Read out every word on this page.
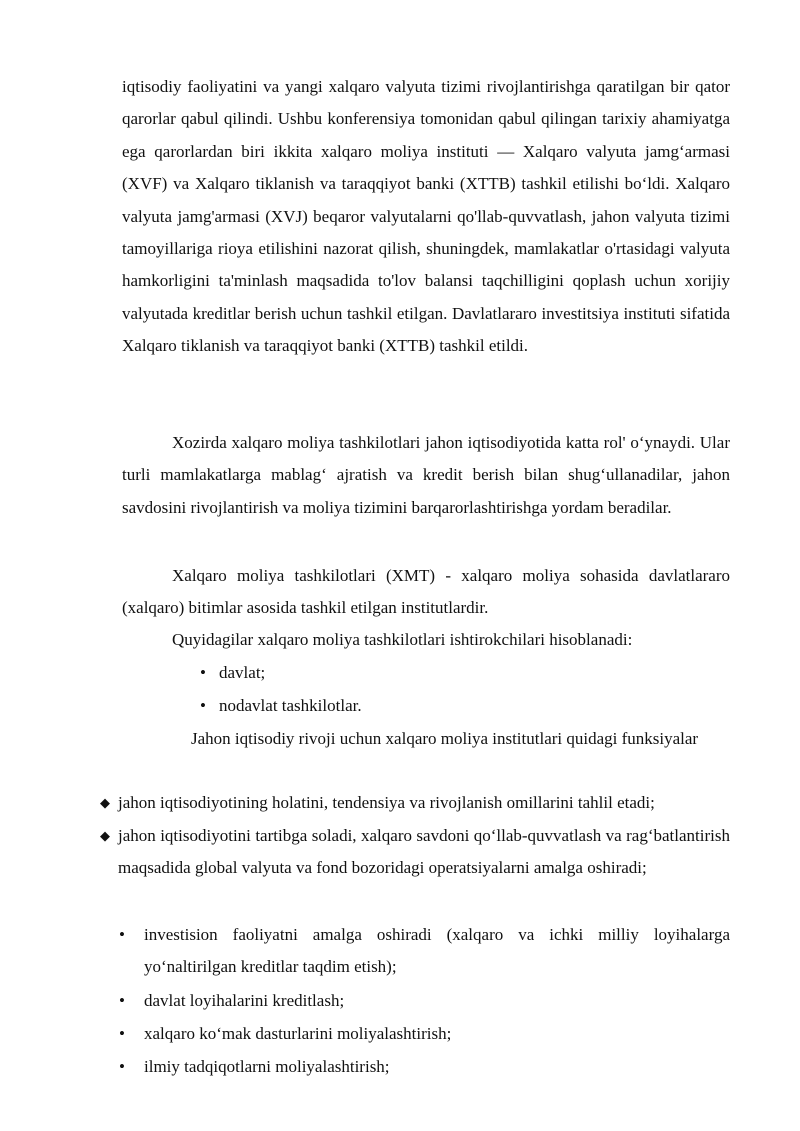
iqtisodiy faoliyatini va yangi xalqaro valyuta tizimi rivojlantirishga qaratilgan bir qator qarorlar qabul qilindi. Ushbu konferensiya tomonidan qabul qilingan tarixiy ahamiyatga ega qarorlardan biri ikkita xalqaro moliya instituti — Xalqaro valyuta jamg‘armasi (XVF) va Xalqaro tiklanish va taraqqiyot banki (XTTB) tashkil etilishi bo‘ldi. Xalqaro valyuta jamg'armasi (XVJ) beqaror valyutalarni qo'llab-quvvatlash, jahon valyuta tizimi tamoyillariga rioya etilishini nazorat qilish, shuningdek, mamlakatlar o'rtasidagi valyuta hamkorligini ta'minlash maqsadida to'lov balansi taqchilligini qoplash uchun xorijiy valyutada kreditlar berish uchun tashkil etilgan. Davlatlararo investitsiya instituti sifatida Xalqaro tiklanish va taraqqiyot banki (XTTB) tashkil etildi.

Xozirda xalqaro moliya tashkilotlari jahon iqtisodiyotida katta rol' o‘ynaydi. Ular turli mamlakatlarga mablag‘ ajratish va kredit berish bilan shug‘ullanadilar, jahon savdosini rivojlantirish va moliya tizimini barqarorlashtirishga yordam beradilar.

Xalqaro moliya tashkilotlari (XMT) - xalqaro moliya sohasida davlatlararo (xalqaro) bitimlar asosida tashkil etilgan institutlardir.

Quyidagilar xalqaro moliya tashkilotlari ishtirokchilari hisoblanadi:

• davlat;
• nodavlat tashkilotlar.

Jahon iqtisodiy rivoji uchun xalqaro moliya institutlari quidagi funksiyalar

◆ jahon iqtisodiyotining holatini, tendensiya va rivojlanish omillarini tahlil etadi;
◆ jahon iqtisodiyotini tartibga soladi, xalqaro savdoni qo‘llab-quvvatlash va rag‘batlantirish maqsadida global valyuta va fond bozoridagi operatsiyalarni amalga oshiradi;
• investision faoliyatni amalga oshiradi (xalqaro va ichki milliy loyihalarga yo‘naltirilgan kreditlar taqdim etish);
• davlat loyihalarini kreditlash;
• xalqaro ko‘mak dasturlarini moliyalashtirish;
• ilmiy tadqiqotlarni moliyalashtirish;
